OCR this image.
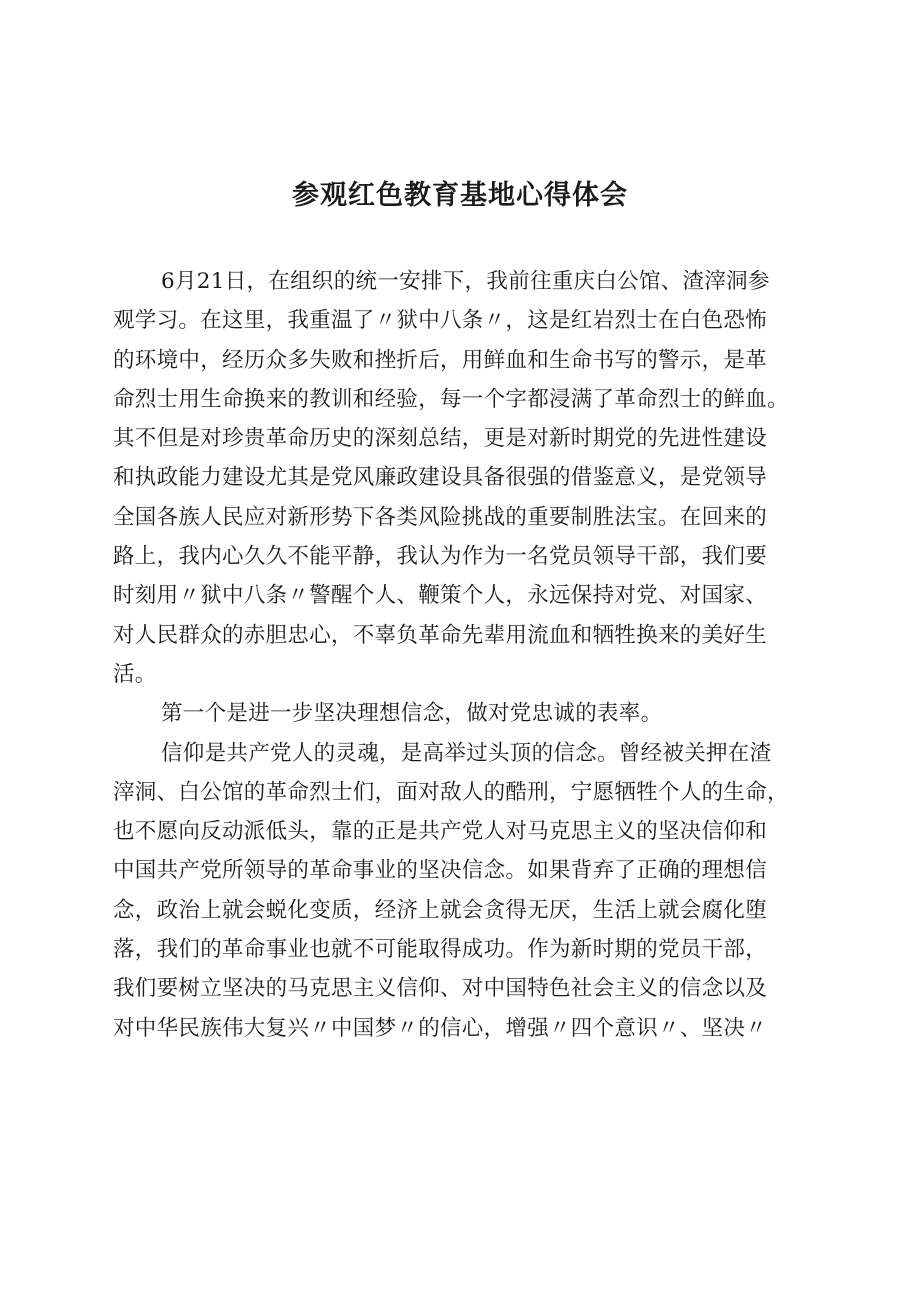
参观红色教育基地心得体会
6月21日，在组织的统一安排下，我前往重庆白公馆、渣滓洞参
观学习。在这里，我重温了〃狱中八条〃，这是红岩烈士在白色恐怖
的环境中，经历众多失败和挫折后，用鲜血和生命书写的警示，是革
命烈士用生命换来的教训和经验，每一个字都浸满了革命烈士的鲜血。
其不但是对珍贵革命历史的深刻总结，更是对新时期党的先进性建设
和执政能力建设尤其是党风廉政建设具备很强的借鉴意义，是党领导
全国各族人民应对新形势下各类风险挑战的重要制胜法宝。在回来的
路上，我内心久久不能平静，我认为作为一名党员领导干部，我们要
时刻用〃狱中八条〃警醒个人、鞭策个人，永远保持对党、对国家、
对人民群众的赤胆忠心，不辜负革命先辈用流血和牺牲换来的美好生
活。
第一个是进一步坚决理想信念，做对党忠诚的表率。
信仰是共产党人的灵魂，是高举过头顶的信念。曾经被关押在渣
滓洞、白公馆的革命烈士们，面对敌人的酷刑，宁愿牺牲个人的生命，
也不愿向反动派低头，靠的正是共产党人对马克思主义的坚决信仰和
中国共产党所领导的革命事业的坚决信念。如果背弃了正确的理想信
念，政治上就会蜕化变质，经济上就会贪得无厌，生活上就会腐化堕
落，我们的革命事业也就不可能取得成功。作为新时期的党员干部，
我们要树立坚决的马克思主义信仰、对中国特色社会主义的信念以及
对中华民族伟大复兴〃中国梦〃的信心，增强〃四个意识〃、坚决〃
